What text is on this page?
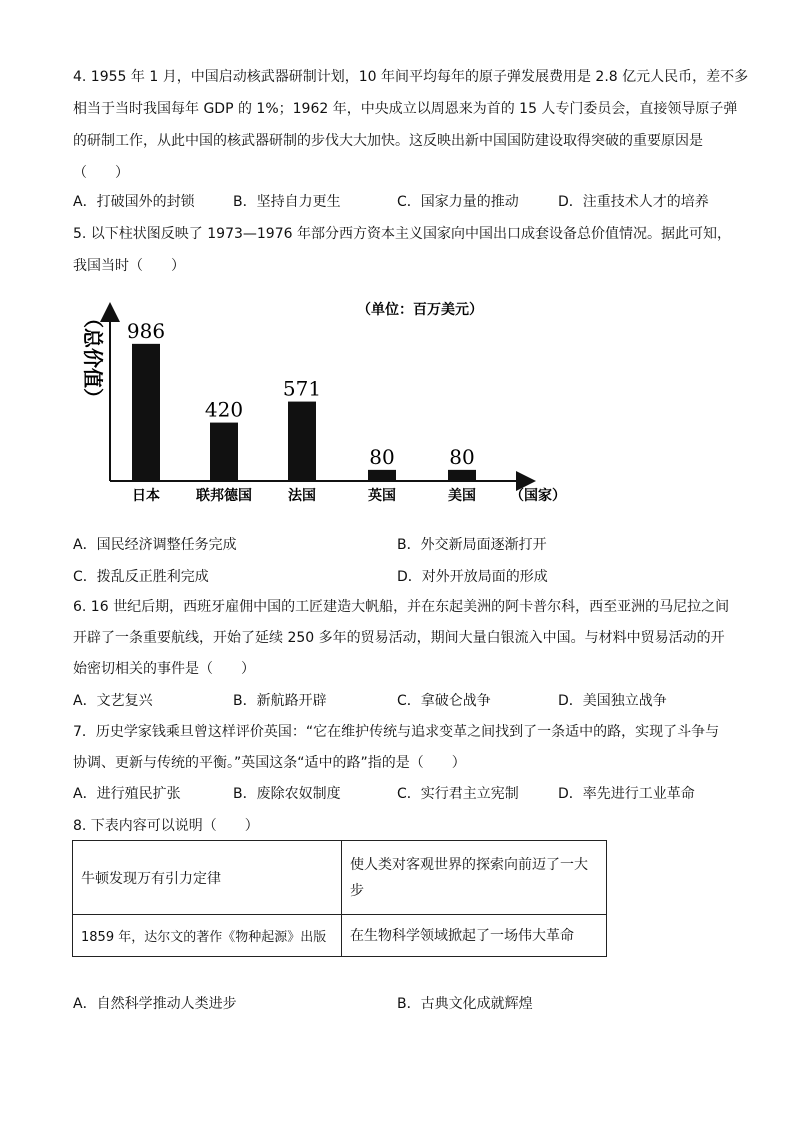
4. 1955 年 1 月，中国启动核武器研制计划，10 年间平均每年的原子弹发展费用是 2.8 亿元人民币，差不多
相当于当时我国每年 GDP 的 1%；1962 年，中央成立以周恩来为首的 15 人专门委员会，直接领导原子弹
的研制工作，从此中国的核武器研制的步伐大大加快。这反映出新中国国防建设取得突破的重要原因是
（　　）
A．打破国外的封锁	B．坚持自力更生	C．国家力量的推动	D．注重技术人才的培养
5. 以下柱状图反映了 1973—1976 年部分西方资本主义国家向中国出口成套设备总价值情况。据此可知，
我国当时（　　）
（单位：百万美元）
（国家）
（总价值） 986
日本
420
联邦德国
571
法国
80
英国
80
美国
A．国民经济调整任务完成	B．外交新局面逐渐打开
C．拨乱反正胜利完成	D．对外开放局面的形成
6. 16 世纪后期，西班牙雇佣中国的工匠建造大帆船，并在东起美洲的阿卡普尔科，西至亚洲的马尼拉之间
开辟了一条重要航线，开始了延续 250 多年的贸易活动，期间大量白银流入中国。与材料中贸易活动的开
始密切相关的事件是（　　）
A．文艺复兴	B．新航路开辟	C．拿破仑战争	D．美国独立战争
7．历史学家钱乘旦曾这样评价英国：“它在维护传统与追求变革之间找到了一条适中的路，实现了斗争与
协调、更新与传统的平衡。”英国这条“适中的路”指的是（　　）
A．进行殖民扩张	B．废除农奴制度	C．实行君主立宪制	D．率先进行工业革命
8. 下表内容可以说明（　　）
牛顿发现万有引力定律	使人类对客观世界的探索向前迈了一大步
1859 年，达尔文的著作《物种起源》出版	在生物科学领域掀起了一场伟大革命
A．自然科学推动人类进步	B．古典文化成就辉煌
